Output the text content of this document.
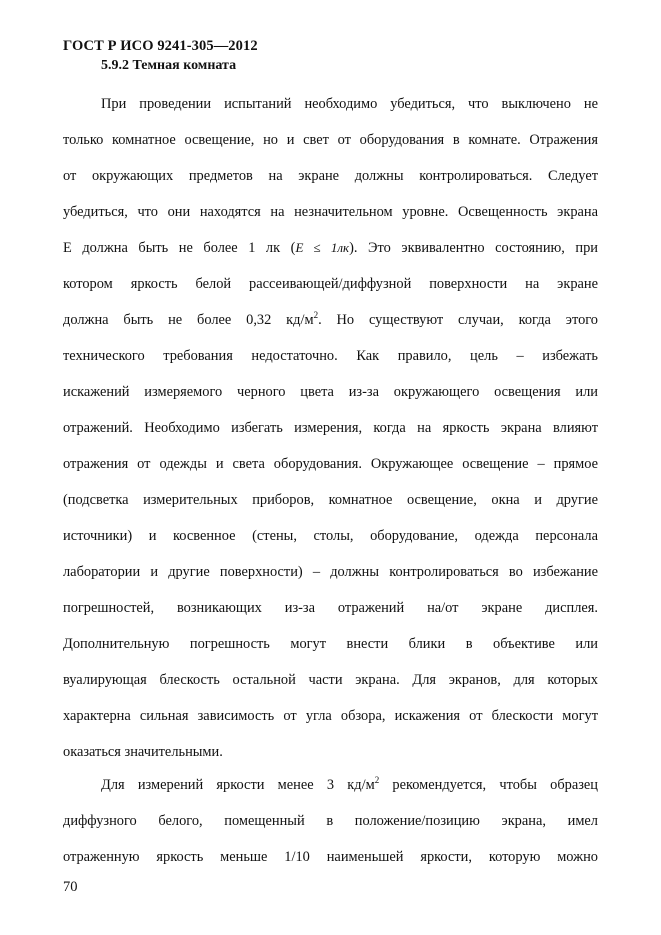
ГОСТ Р ИСО 9241-305—2012
5.9.2 Темная комната
При проведении испытаний необходимо убедиться, что выключено не
только комнатное освещение, но и свет от оборудования в комнате. Отражения
от окружающих предметов на экране должны контролироваться. Следует
убедиться, что они находятся на незначительном уровне. Освещенность экрана
E должна быть не более 1 лк (E ≤ 1лк). Это эквивалентно состоянию, при
котором яркость белой рассеивающей/диффузной поверхности на экране
должна быть не более 0,32 $кд/м^2$. Но существуют случаи, когда этого
технического требования недостаточно. Как правило, цель – избежать
искажений измеряемого черного цвета из-за окружающего освещения или
отражений. Необходимо избегать измерения, когда на яркость экрана влияют
отражения от одежды и света оборудования. Окружающее освещение – прямое
(подсветка измерительных приборов, комнатное освещение, окна и другие
источники) и косвенное (стены, столы, оборудование, одежда персонала
лаборатории и другие поверхности) – должны контролироваться во избежание
погрешностей, возникающих из-за отражений на/от экране дисплея.
Дополнительную погрешность могут внести блики в объективе или
вуалирующая блескость остальной части экрана. Для экранов, для которых
характерна сильная зависимость от угла обзора, искажения от блескости могут
оказаться значительными.
Для измерений яркости менее 3 $кд/м^2$ рекомендуется, чтобы образец
диффузного белого, помещенный в положение/позицию экрана, имел
отраженную яркость меньше 1/10 наименьшей яркости, которую можно
70
